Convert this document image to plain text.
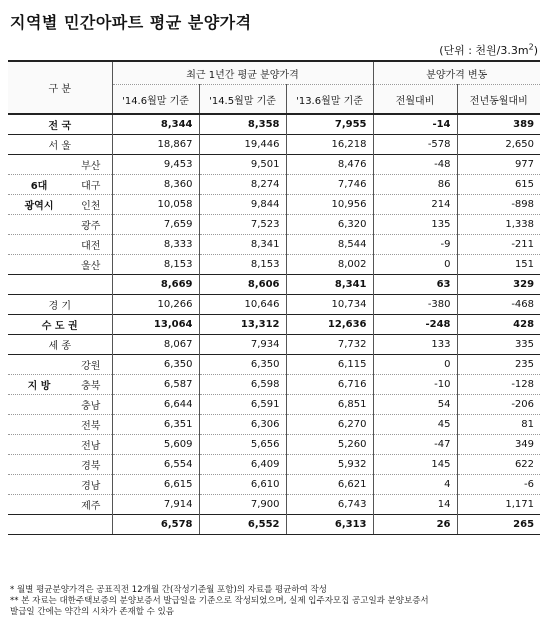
지역별 민간아파트 평균 분양가격
(단위 : 천원$/3.3m^2$)
구 분		최근 1년간 평균 분양가격			분양가격 변동	
		'14.6월말 기준	'14.5월말 기준	'13.6월말 기준	전월대비	전년동월대비
전 국		8,344	8,358	7,955	-14	389
서 울		18,867	19,446	16,218	-578	2,650
	부산	9,453	9,501	8,476	-48	977
6대	대구	8,360	8,274	7,746	86	615
광역시	인천	10,058	9,844	10,956	214	-898
	광주	7,659	7,523	6,320	135	1,338
	대전	8,333	8,341	8,544	-9	-211
	울산	8,153	8,153	8,002	0	151
		8,669	8,606	8,341	63	329
경 기		10,266	10,646	10,734	-380	-468
수 도 권		13,064	13,312	12,636	-248	428
세 종		8,067	7,934	7,732	133	335
	강원	6,350	6,350	6,115	0	235
지 방	충북	6,587	6,598	6,716	-10	-128
	충남	6,644	6,591	6,851	54	-206
	전북	6,351	6,306	6,270	45	81
	전남	5,609	5,656	5,260	-47	349
	경북	6,554	6,409	5,932	145	622
	경남	6,615	6,610	6,621	4	-6
	제주	7,914	7,900	6,743	14	1,171
		6,578	6,552	6,313	26	265
* 월별 평균분양가격은 공표직전 12개월 간(작성기준월 포함)의 자료를 평균하여 작성
** 본 자료는 대한주택보증의 분양보증서 발급일을 기준으로 작성되었으며, 실제 입주자모집 공고일과 분양보증서
발급일 간에는 약간의 시차가 존재할 수 있음
